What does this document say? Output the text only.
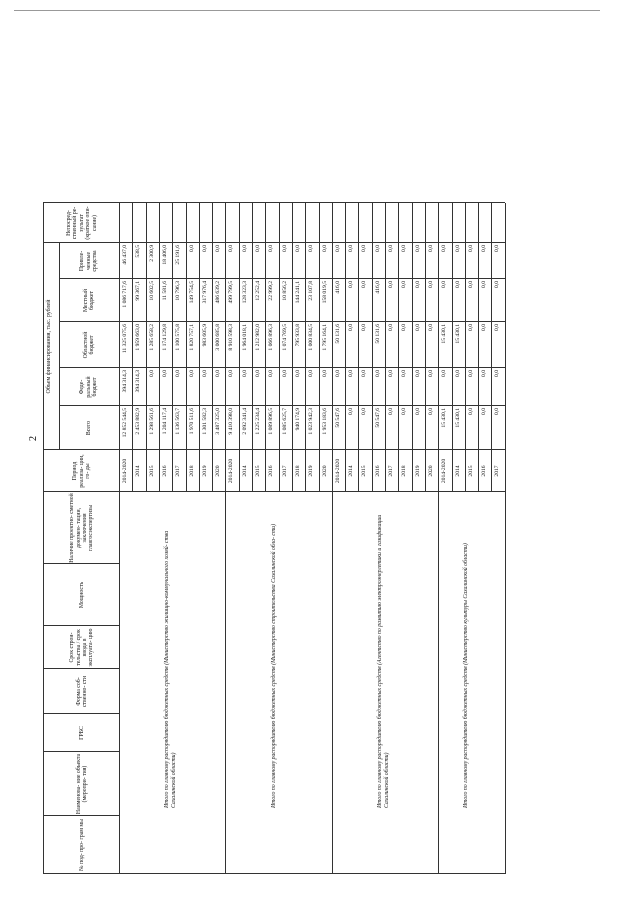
2
№ под- про- грам мы
Наименова- ние объекта (меропри- тия)
ГРБС
Форма соб- ственно- сти
Срок строи- тельства / срок ввода в эксплуата- цию
Мощность
Наличие проектно- сметной докумен- тации, заключения главгосэкспертизы
Период реализа- ции, го- ды
Объем финансирования, тыс. рублей
Всего
Феде- ральный бюджет
Областной бюджет
Местный бюджет
Привле- ченные средства
Непосред- ственный ре- зультат (краткое опи- сание)
Итого по главному распорядителю бюджетных средств (Министерство жилищно-коммунального хозяй- ства Сахалинской области)
2014-2020
12 852 544,5
394 314,3
11 325 075,6
1 086 717,6
46 437,0
2014
2 453 882,9
394 314,3
1 959 663,0
99 367,1
538,5
2015
1 298 561,6
0,0
1 285 658,2
10 602,5
2 300,9
2016
1 204 117,4
0,0
1 174 129,8
11 581,6
18 406,0
2017
1 136 563,7
0,0
1 100 575,8
10 796,3
25 191,6
2018
1 970 511,6
0,0
1 820 757,1
149 754,5
0,0
2019
1 301 582,3
0,0
983 605,9
317 976,4
0,0
2020
3 487 325,0
0,0
3 000 685,8
486 639,2
0,0
Итого по главному распорядителю бюджетных средств (Министерство строительства Сахалинской обла- сти)
2014-2020
9 410 398,0
0,0
8 910 598,3
499 799,5
0,0
2014
2 092 341,4
0,0
1 964 018,1
128 323,3
0,0
2015
1 225 234,4
0,0
1 212 982,0
12 252,4
0,0
2016
1 089 896,5
0,0
1 066 896,3
22 999,2
0,0
2017
1 085 625,7
0,0
1 074 769,5
10 856,2
0,0
2018
940 174,9
0,0
795 933,8
144 241,1
0,0
2019
1 023 942,3
0,0
1 000 834,5
23 107,8
0,0
2020
1 953 183,6
0,0
1 795 164,1
158 019,5
0,0
Итого по главному распорядителю бюджетных средств (Агентство по развитию электроэнергетики и газификации Сахалинской области)
2014-2020
50 547,6
0,0
50 131,6
416,0
0,0
2014
0,0
0,0
0,0
0,0
0,0
2015
0,0
0,0
0,0
0,0
0,0
2016
50 547,6
0,0
50 131,6
416,0
0,0
2017
0,0
0,0
0,0
0,0
0,0
2018
0,0
0,0
0,0
0,0
0,0
2019
0,0
0,0
0,0
0,0
0,0
2020
0,0
0,0
0,0
0,0
0,0
Итого по главному распорядителю бюджетных средств (Министерство культуры Сахалинской области)
2014-2020
15 430,1
0,0
15 430,1
0,0
0,0
2014
15 430,1
0,0
15 430,1
0,0
0,0
2015
0,0
0,0
0,0
0,0
0,0
2016
0,0
0,0
0,0
0,0
0,0
2017
0,0
0,0
0,0
0,0
0,0
